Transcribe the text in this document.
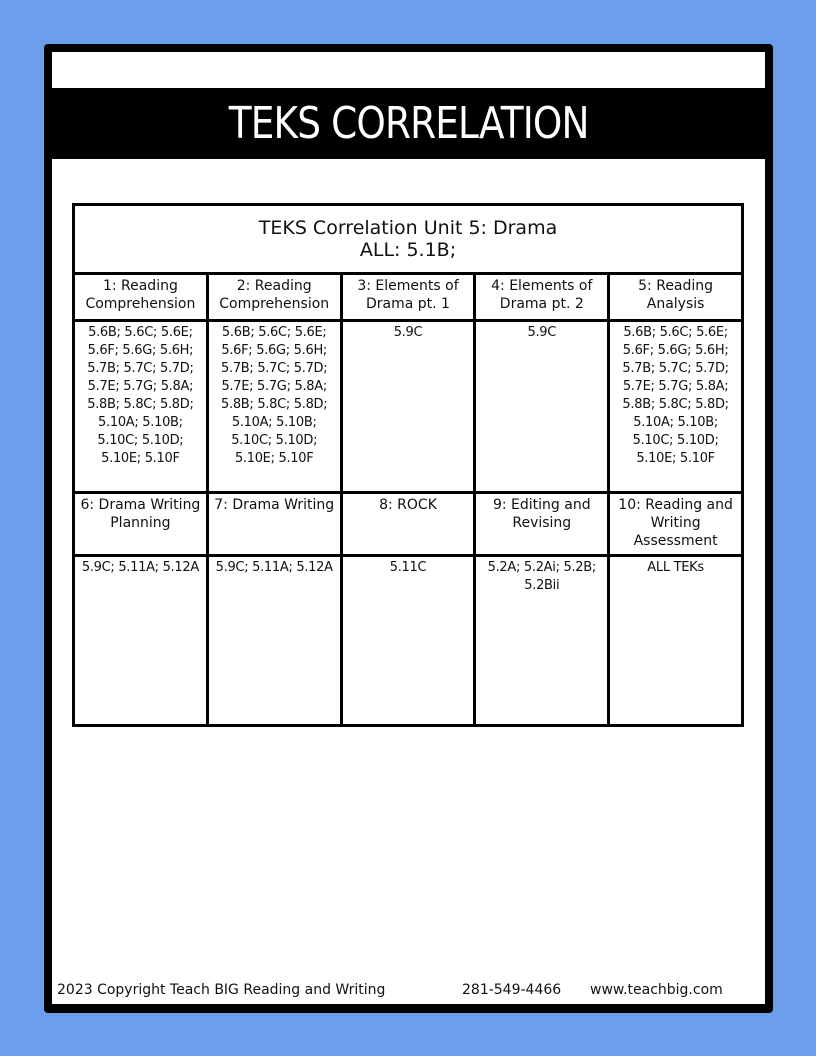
TEKS CORRELATION
TEKS Correlation Unit 5: Drama
ALL: 5.1B;				

1: Reading Comprehension	2: Reading Comprehension	3: Elements of Drama pt. 1	4: Elements of Drama pt. 2	5: Reading Analysis
5.6B; 5.6C; 5.6E; 5.6F; 5.6G; 5.6H; 5.7B; 5.7C; 5.7D; 5.7E; 5.7G; 5.8A; 5.8B; 5.8C; 5.8D; 5.10A; 5.10B; 5.10C; 5.10D; 5.10E; 5.10F	5.6B; 5.6C; 5.6E; 5.6F; 5.6G; 5.6H; 5.7B; 5.7C; 5.7D; 5.7E; 5.7G; 5.8A; 5.8B; 5.8C; 5.8D; 5.10A; 5.10B; 5.10C; 5.10D; 5.10E; 5.10F	5.9C	5.9C	5.6B; 5.6C; 5.6E; 5.6F; 5.6G; 5.6H; 5.7B; 5.7C; 5.7D; 5.7E; 5.7G; 5.8A; 5.8B; 5.8C; 5.8D; 5.10A; 5.10B; 5.10C; 5.10D; 5.10E; 5.10F
6: Drama Writing Planning	7: Drama Writing	8: ROCK	9: Editing and Revising	10: Reading and Writing Assessment
5.9C; 5.11A; 5.12A	5.9C; 5.11A; 5.12A	5.11C	5.2A; 5.2Ai; 5.2B; 5.2Bii	ALL TEKs
2023 Copyright Teach BIG Reading and Writing	281-549-4466 www.teachbig.com
